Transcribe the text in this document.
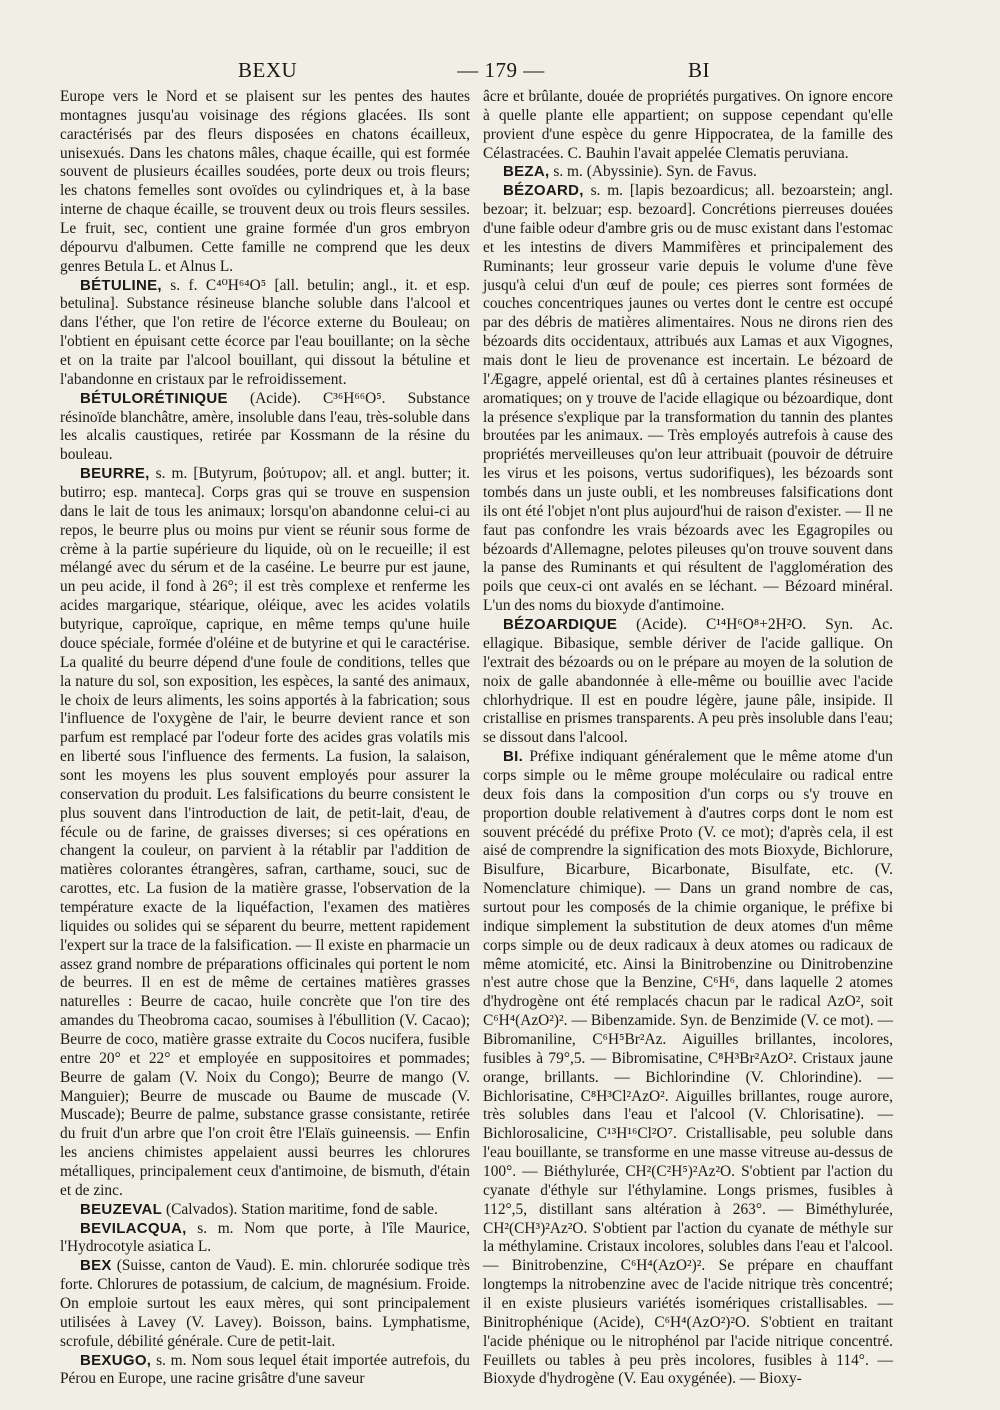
BEXU	— 179 —	BI

Europe vers le Nord et se plaisent sur les pentes des hautes montagnes jusqu'au voisinage des régions glacées. Ils sont caractérisés par des fleurs disposées en chatons écailleux, unisexués. Dans les chatons mâles, chaque écaille, qui est formée souvent de plusieurs écailles soudées, porte deux ou trois fleurs; les chatons femelles sont ovoïdes ou cylindriques et, à la base interne de chaque écaille, se trouvent deux ou trois fleurs sessiles. Le fruit, sec, contient une graine formée d'un gros embryon dépourvu d'albumen. Cette famille ne comprend que les deux genres Betula L. et Alnus L.

BÉTULINE, s. f. C⁴⁰H⁶⁴O⁵ [all. betulin; angl., it. et esp. betulina]. Substance résineuse blanche soluble dans l'alcool et dans l'éther, que l'on retire de l'écorce externe du Bouleau; on l'obtient en épuisant cette écorce par l'eau bouillante; on la sèche et on la traite par l'alcool bouillant, qui dissout la bétuline et l'abandonne en cristaux par le refroidissement.

BÉTULORÉTINIQUE (Acide). C³⁶H⁶⁶O⁵. Substance résinoïde blanchâtre, amère, insoluble dans l'eau, très-soluble dans les alcalis caustiques, retirée par Kossmann de la résine du bouleau.

BEURRE, s. m. [Butyrum, βούτυρον; all. et angl. butter; it. butirro; esp. manteca]. Corps gras qui se trouve en suspension dans le lait de tous les animaux; lorsqu'on abandonne celui-ci au repos, le beurre plus ou moins pur vient se réunir sous forme de crème à la partie supérieure du liquide, où on le recueille; il est mélangé avec du sérum et de la caséine. Le beurre pur est jaune, un peu acide, il fond à 26°; il est très complexe et renferme les acides margarique, stéarique, oléique, avec les acides volatils butyrique, caproïque, caprique, en même temps qu'une huile douce spéciale, formée d'oléine et de butyrine et qui le caractérise. La qualité du beurre dépend d'une foule de conditions, telles que la nature du sol, son exposition, les espèces, la santé des animaux, le choix de leurs aliments, les soins apportés à la fabrication; sous l'influence de l'oxygène de l'air, le beurre devient rance et son parfum est remplacé par l'odeur forte des acides gras volatils mis en liberté sous l'influence des ferments. La fusion, la salaison, sont les moyens les plus souvent employés pour assurer la conservation du produit. Les falsifications du beurre consistent le plus souvent dans l'introduction de lait, de petit-lait, d'eau, de fécule ou de farine, de graisses diverses; si ces opérations en changent la couleur, on parvient à la rétablir par l'addition de matières colorantes étrangères, safran, carthame, souci, suc de carottes, etc. La fusion de la matière grasse, l'observation de la température exacte de la liquéfaction, l'examen des matières liquides ou solides qui se séparent du beurre, mettent rapidement l'expert sur la trace de la falsification. — Il existe en pharmacie un assez grand nombre de préparations officinales qui portent le nom de beurres. Il en est de même de certaines matières grasses naturelles : Beurre de cacao, huile concrète que l'on tire des amandes du Theobroma cacao, soumises à l'ébullition (V. Cacao); Beurre de coco, matière grasse extraite du Cocos nucifera, fusible entre 20° et 22° et employée en suppositoires et pommades; Beurre de galam (V. Noix du Congo); Beurre de mango (V. Manguier); Beurre de muscade ou Baume de muscade (V. Muscade); Beurre de palme, substance grasse consistante, retirée du fruit d'un arbre que l'on croit être l'Elaïs guineensis. — Enfin les anciens chimistes appelaient aussi beurres les chlorures métalliques, principalement ceux d'antimoine, de bismuth, d'étain et de zinc.

BEUZEVAL (Calvados). Station maritime, fond de sable.

BEVILACQUA, s. m. Nom que porte, à l'île Maurice, l'Hydrocotyle asiatica L.

BEX (Suisse, canton de Vaud). E. min. chlorurée sodique très forte. Chlorures de potassium, de calcium, de magnésium. Froide. On emploie surtout les eaux mères, qui sont principalement utilisées à Lavey (V. Lavey). Boisson, bains. Lymphatisme, scrofule, débilité générale. Cure de petit-lait.

BEXUGO, s. m. Nom sous lequel était importée autrefois, du Pérou en Europe, une racine grisâtre d'une saveur

âcre et brûlante, douée de propriétés purgatives. On ignore encore à quelle plante elle appartient; on suppose cependant qu'elle provient d'une espèce du genre Hippocratea, de la famille des Célastracées. C. Bauhin l'avait appelée Clematis peruviana.

BEZA, s. m. (Abyssinie). Syn. de Favus.

BÉZOARD, s. m. [lapis bezoardicus; all. bezoarstein; angl. bezoar; it. belzuar; esp. bezoard]. Concrétions pierreuses douées d'une faible odeur d'ambre gris ou de musc existant dans l'estomac et les intestins de divers Mammifères et principalement des Ruminants; leur grosseur varie depuis le volume d'une fève jusqu'à celui d'un œuf de poule; ces pierres sont formées de couches concentriques jaunes ou vertes dont le centre est occupé par des débris de matières alimentaires. Nous ne dirons rien des bézoards dits occidentaux, attribués aux Lamas et aux Vigognes, mais dont le lieu de provenance est incertain. Le bézoard de l'Ægagre, appelé oriental, est dû à certaines plantes résineuses et aromatiques; on y trouve de l'acide ellagique ou bézoardique, dont la présence s'explique par la transformation du tannin des plantes broutées par les animaux. — Très employés autrefois à cause des propriétés merveilleuses qu'on leur attribuait (pouvoir de détruire les virus et les poisons, vertus sudorifiques), les bézoards sont tombés dans un juste oubli, et les nombreuses falsifications dont ils ont été l'objet n'ont plus aujourd'hui de raison d'exister. — Il ne faut pas confondre les vrais bézoards avec les Egagropiles ou bézoards d'Allemagne, pelotes pileuses qu'on trouve souvent dans la panse des Ruminants et qui résultent de l'agglomération des poils que ceux-ci ont avalés en se léchant. — Bézoard minéral. L'un des noms du bioxyde d'antimoine.

BÉZOARDIQUE (Acide). C¹⁴H⁶O⁸+2H²O. Syn. Ac. ellagique. Bibasique, semble dériver de l'acide gallique. On l'extrait des bézoards ou on le prépare au moyen de la solution de noix de galle abandonnée à elle-même ou bouillie avec l'acide chlorhydrique. Il est en poudre légère, jaune pâle, insipide. Il cristallise en prismes transparents. A peu près insoluble dans l'eau; se dissout dans l'alcool.

BI. Préfixe indiquant généralement que le même atome d'un corps simple ou le même groupe moléculaire ou radical entre deux fois dans la composition d'un corps ou s'y trouve en proportion double relativement à d'autres corps dont le nom est souvent précédé du préfixe Proto (V. ce mot); d'après cela, il est aisé de comprendre la signification des mots Bioxyde, Bichlorure, Bisulfure, Bicarbure, Bicarbonate, Bisulfate, etc. (V. Nomenclature chimique). — Dans un grand nombre de cas, surtout pour les composés de la chimie organique, le préfixe bi indique simplement la substitution de deux atomes d'un même corps simple ou de deux radicaux à deux atomes ou radicaux de même atomicité, etc. Ainsi la Binitrobenzine ou Dinitrobenzine n'est autre chose que la Benzine, C⁶H⁶, dans laquelle 2 atomes d'hydrogène ont été remplacés chacun par le radical AzO², soit C⁶H⁴(AzO²)². — Bibenzamide. Syn. de Benzimide (V. ce mot). — Bibromaniline, C⁶H⁵Br²Az. Aiguilles brillantes, incolores, fusibles à 79°,5. — Bibromisatine, C⁸H³Br²AzO². Cristaux jaune orange, brillants. — Bichlorindine (V. Chlorindine). — Bichlorisatine, C⁸H³Cl²AzO². Aiguilles brillantes, rouge aurore, très solubles dans l'eau et l'alcool (V. Chlorisatine). — Bichlorosalicine, C¹³H¹⁶Cl²O⁷. Cristallisable, peu soluble dans l'eau bouillante, se transforme en une masse vitreuse au-dessus de 100°. — Biéthylurée, CH²(C²H⁵)²Az²O. S'obtient par l'action du cyanate d'éthyle sur l'éthylamine. Longs prismes, fusibles à 112°,5, distillant sans altération à 263°. — Biméthylurée, CH²(CH³)²Az²O. S'obtient par l'action du cyanate de méthyle sur la méthylamine. Cristaux incolores, solubles dans l'eau et l'alcool. — Binitrobenzine, C⁶H⁴(AzO²)². Se prépare en chauffant longtemps la nitrobenzine avec de l'acide nitrique très concentré; il en existe plusieurs variétés isomériques cristallisables. — Binitrophénique (Acide), C⁶H⁴(AzO²)²O. S'obtient en traitant l'acide phénique ou le nitrophénol par l'acide nitrique concentré. Feuillets ou tables à peu près incolores, fusibles à 114°. — Bioxyde d'hydrogène (V. Eau oxygénée). — Bioxy-
